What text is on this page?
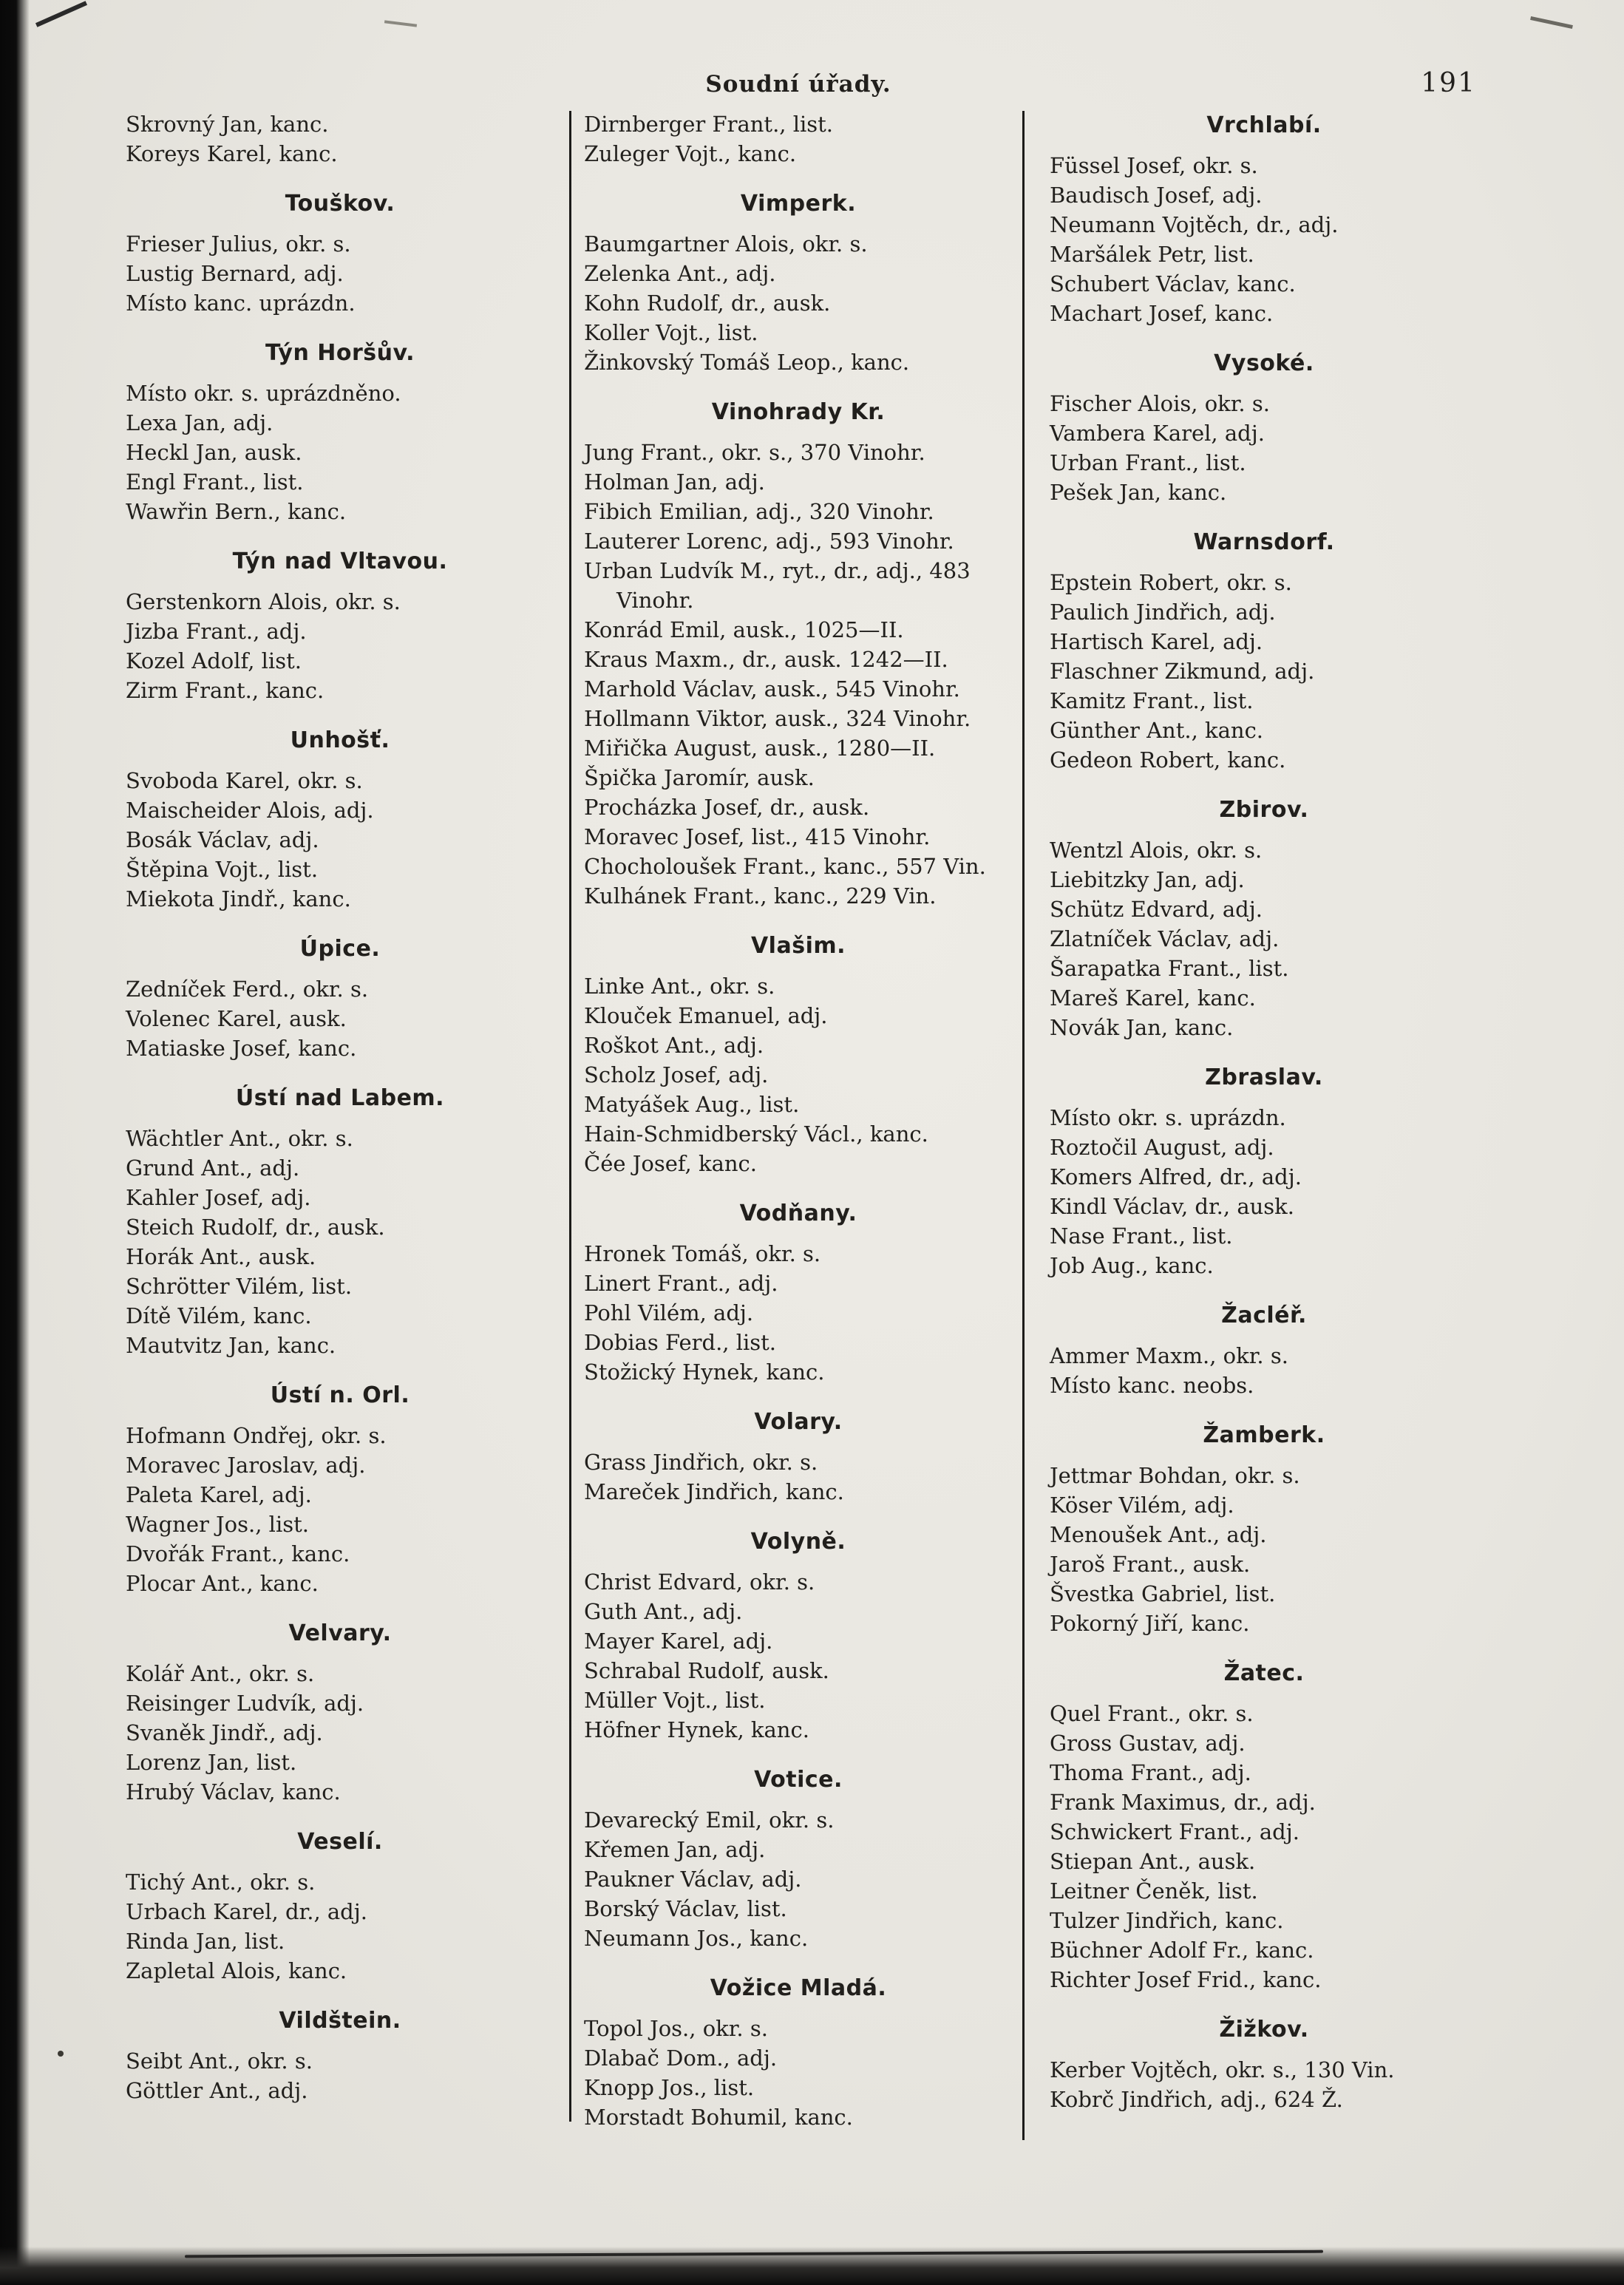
Soudní úřady.	191
Skrovný Jan, kanc.
Koreys Karel, kanc.
Touškov.
Frieser Julius, okr. s.
Lustig Bernard, adj.
Místo kanc. uprázdn.
Týn Horšův.
Místo okr. s. uprázdněno.
Lexa Jan, adj.
Heckl Jan, ausk.
Engl Frant., list.
Wawřin Bern., kanc.
Týn nad Vltavou.
Gerstenkorn Alois, okr. s.
Jizba Frant., adj.
Kozel Adolf, list.
Zirm Frant., kanc.
Unhošť.
Svoboda Karel, okr. s.
Maischeider Alois, adj.
Bosák Václav, adj.
Štěpina Vojt., list.
Miekota Jindř., kanc.
Úpice.
Zedníček Ferd., okr. s.
Volenec Karel, ausk.
Matiaske Josef, kanc.
Ústí nad Labem.
Wächtler Ant., okr. s.
Grund Ant., adj.
Kahler Josef, adj.
Steich Rudolf, dr., ausk.
Horák Ant., ausk.
Schrötter Vilém, list.
Dítě Vilém, kanc.
Mautvitz Jan, kanc.
Ústí n. Orl.
Hofmann Ondřej, okr. s.
Moravec Jaroslav, adj.
Paleta Karel, adj.
Wagner Jos., list.
Dvořák Frant., kanc.
Plocar Ant., kanc.
Velvary.
Kolář Ant., okr. s.
Reisinger Ludvík, adj.
Svaněk Jindř., adj.
Lorenz Jan, list.
Hrubý Václav, kanc.
Veselí.
Tichý Ant., okr. s.
Urbach Karel, dr., adj.
Rinda Jan, list.
Zapletal Alois, kanc.
Vildštein.
Seibt Ant., okr. s.
Göttler Ant., adj.
Dirnberger Frant., list.
Zuleger Vojt., kanc.
Vimperk.
Baumgartner Alois, okr. s.
Zelenka Ant., adj.
Kohn Rudolf, dr., ausk.
Koller Vojt., list.
Žinkovský Tomáš Leop., kanc.
Vinohrady Kr.
Jung Frant., okr. s., 370 Vinohr.
Holman Jan, adj.
Fibich Emilian, adj., 320 Vinohr.
Lauterer Lorenc, adj., 593 Vinohr.
Urban Ludvík M., ryt., dr., adj., 483 Vinohr.
Konrád Emil, ausk., 1025—II.
Kraus Maxm., dr., ausk. 1242—II.
Marhold Václav, ausk., 545 Vinohr.
Hollmann Viktor, ausk., 324 Vinohr.
Miřička August, ausk., 1280—II.
Špička Jaromír, ausk.
Procházka Josef, dr., ausk.
Moravec Josef, list., 415 Vinohr.
Chocholoušek Frant., kanc., 557 Vin.
Kulhánek Frant., kanc., 229 Vin.
Vlašim.
Linke Ant., okr. s.
Klouček Emanuel, adj.
Roškot Ant., adj.
Scholz Josef, adj.
Matyášek Aug., list.
Hain-Schmidberský Václ., kanc.
Čée Josef, kanc.
Vodňany.
Hronek Tomáš, okr. s.
Linert Frant., adj.
Pohl Vilém, adj.
Dobias Ferd., list.
Stožický Hynek, kanc.
Volary.
Grass Jindřich, okr. s.
Mareček Jindřich, kanc.
Volyně.
Christ Edvard, okr. s.
Guth Ant., adj.
Mayer Karel, adj.
Schrabal Rudolf, ausk.
Müller Vojt., list.
Höfner Hynek, kanc.
Votice.
Devarecký Emil, okr. s.
Křemen Jan, adj.
Paukner Václav, adj.
Borský Václav, list.
Neumann Jos., kanc.
Vožice Mladá.
Topol Jos., okr. s.
Dlabač Dom., adj.
Knopp Jos., list.
Morstadt Bohumil, kanc.
Vrchlabí.
Füssel Josef, okr. s.
Baudisch Josef, adj.
Neumann Vojtěch, dr., adj.
Maršálek Petr, list.
Schubert Václav, kanc.
Machart Josef, kanc.
Vysoké.
Fischer Alois, okr. s.
Vambera Karel, adj.
Urban Frant., list.
Pešek Jan, kanc.
Warnsdorf.
Epstein Robert, okr. s.
Paulich Jindřich, adj.
Hartisch Karel, adj.
Flaschner Zikmund, adj.
Kamitz Frant., list.
Günther Ant., kanc.
Gedeon Robert, kanc.
Zbirov.
Wentzl Alois, okr. s.
Liebitzky Jan, adj.
Schütz Edvard, adj.
Zlatníček Václav, adj.
Šarapatka Frant., list.
Mareš Karel, kanc.
Novák Jan, kanc.
Zbraslav.
Místo okr. s. uprázdn.
Roztočil August, adj.
Komers Alfred, dr., adj.
Kindl Václav, dr., ausk.
Nase Frant., list.
Job Aug., kanc.
Žacléř.
Ammer Maxm., okr. s.
Místo kanc. neobs.
Žamberk.
Jettmar Bohdan, okr. s.
Köser Vilém, adj.
Menoušek Ant., adj.
Jaroš Frant., ausk.
Švestka Gabriel, list.
Pokorný Jiří, kanc.
Žatec.
Quel Frant., okr. s.
Gross Gustav, adj.
Thoma Frant., adj.
Frank Maximus, dr., adj.
Schwickert Frant., adj.
Stiepan Ant., ausk.
Leitner Čeněk, list.
Tulzer Jindřich, kanc.
Büchner Adolf Fr., kanc.
Richter Josef Frid., kanc.
Žižkov.
Kerber Vojtěch, okr. s., 130 Vin.
Kobrč Jindřich, adj., 624 Ž.
